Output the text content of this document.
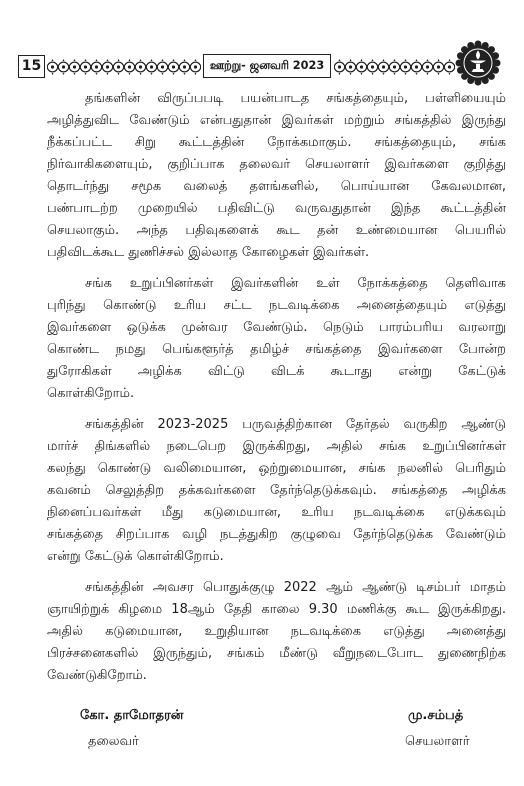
15	ஊற்று- ஜனவரி 2023
தங்களின் விருப்பபடி பயன்பாடத சங்கத்தையும், பள்ளியையும்
அழித்துவிட வேண்டும் என்பதுதான் இவர்கள் மற்றும் சங்கத்தில் இருந்து
நீக்கப்பட்ட சிறு கூட்டத்தின் நோக்கமாகும். சங்கத்தையும், சங்க
நிர்வாகிகளையும், குறிப்பாக தலைவர் செயலாளர் இவர்களை குறித்து
தொடர்ந்து சமூக வலைத் தளங்களில், பொய்யான கேவலமான,
பண்பாடற்ற முறையில் பதிவிட்டு வருவதுதான் இந்த கூட்டத்தின்
செயலாகும். அந்த பதிவுகளைக் கூட தன் உண்மையான பெயரில்
பதிவிடக்கூட துணிச்சல் இல்லாத கோழைகள் இவர்கள்.
சங்க உறுப்பினர்கள் இவர்களின் உள் நோக்கத்தை தெளிவாக
புரிந்து கொண்டு உரிய சட்ட நடவடிக்கை அனைத்தையும் எடுத்து
இவர்களை ஒடுக்க முன்வர வேண்டும். நெடும் பாரம்பரிய வரலாறு
கொண்ட நமது பெங்களூர்த் தமிழ்ச் சங்கத்தை இவர்களை போன்ற
துரோகிகள் அழிக்க விட்டு விடக் கூடாது என்று கேட்டுக்
கொள்கிறோம்.
சங்கத்தின் 2023-2025 பருவத்திற்கான தேர்தல் வருகிற ஆண்டு
மார்ச் திங்களில் நடைபெற இருக்கிறது, அதில் சங்க உறுப்பினர்கள்
கலந்து கொண்டு வலிமையான, ஒற்றுமையான, சங்க நலனில் பெரிதும்
கவனம் செலுத்திற தக்கவர்களை தேர்ந்தெடுக்கவும். சங்கத்தை அழிக்க
நினைப்பவர்கள் மீது கடுமையான, உரிய நடவடிக்கை எடுக்கவும்
சங்கத்தை சிறப்பாக வழி நடத்துகிற குழுவை தேர்ந்தெடுக்க வேண்டும்
என்று கேட்டுக் கொள்கிறோம்.
சங்கத்தின் அவசர பொதுக்குழு 2022 ஆம் ஆண்டு டிசம்பர் மாதம்
ஞாயிற்றுக் கிழமை 18ஆம் தேதி காலை 9.30 மணிக்கு கூட இருக்கிறது.
அதில் கடுமையான, உறுதியான நடவடிக்கை எடுத்து அனைத்து
பிரச்சனைகளில் இருந்தும், சங்கம் மீண்டு வீறுநடைபோட துணைநிற்க
வேண்டுகிறோம்.
கோ. தாமோதரன்
தலைவர்
மு.சம்பத்
செயலாளர்
